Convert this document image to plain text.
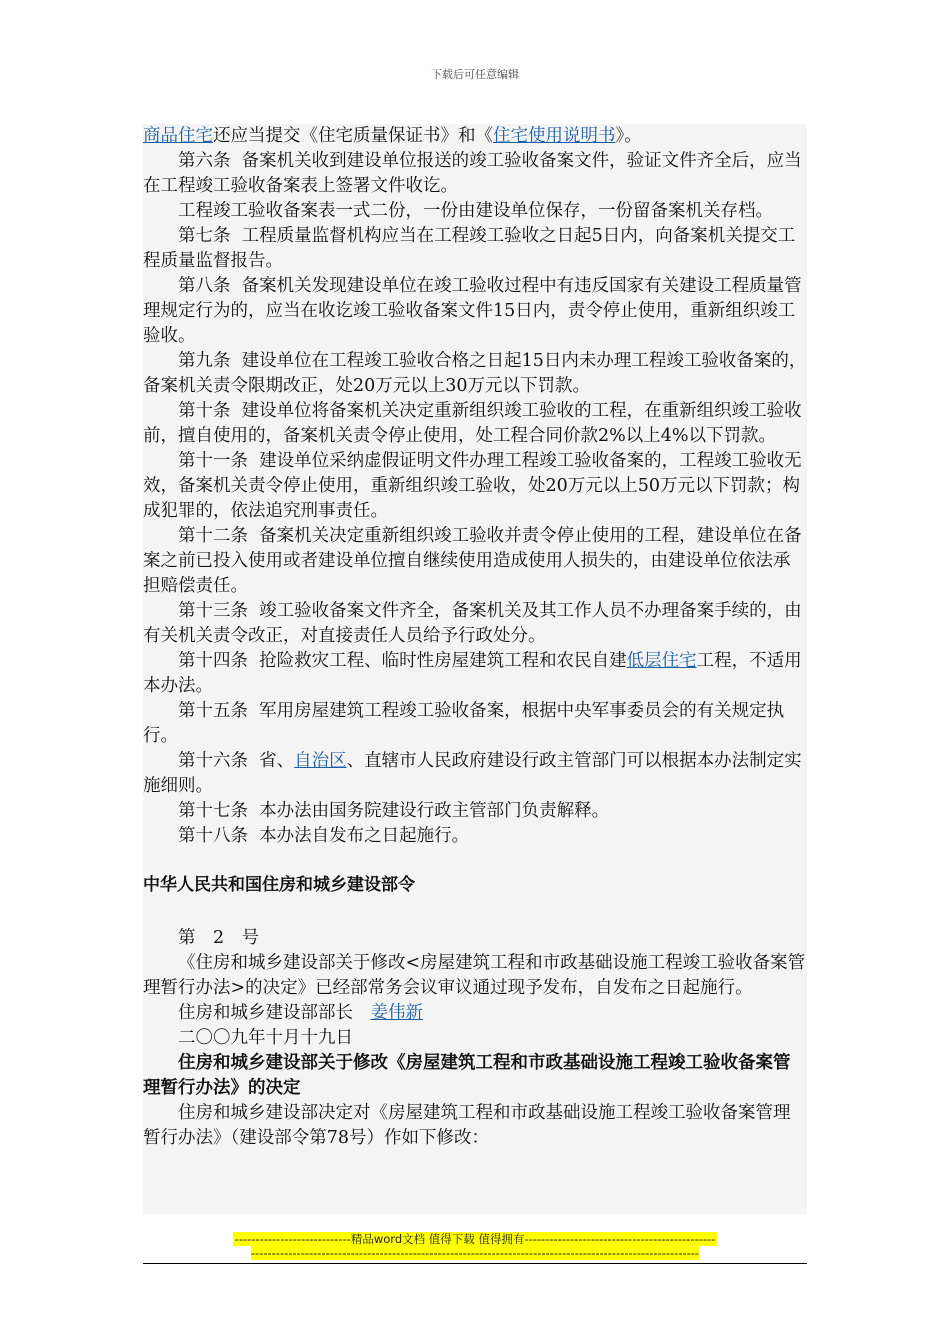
下载后可任意编辑

商品住宅还应当提交《住宅质量保证书》和《住宅使用说明书》。

第六条  备案机关收到建设单位报送的竣工验收备案文件，验证文件齐全后，应当在工程竣工验收备案表上签署文件收讫。

工程竣工验收备案表一式二份，一份由建设单位保存，一份留备案机关存档。

第七条  工程质量监督机构应当在工程竣工验收之日起5日内，向备案机关提交工程质量监督报告。

第八条  备案机关发现建设单位在竣工验收过程中有违反国家有关建设工程质量管理规定行为的，应当在收讫竣工验收备案文件15日内，责令停止使用，重新组织竣工验收。

第九条  建设单位在工程竣工验收合格之日起15日内未办理工程竣工验收备案的，备案机关责令限期改正，处20万元以上30万元以下罚款。

第十条  建设单位将备案机关决定重新组织竣工验收的工程，在重新组织竣工验收前，擅自使用的，备案机关责令停止使用，处工程合同价款2%以上4%以下罚款。

第十一条  建设单位采纳虚假证明文件办理工程竣工验收备案的，工程竣工验收无效，备案机关责令停止使用，重新组织竣工验收，处20万元以上50万元以下罚款；构成犯罪的，依法追究刑事责任。

第十二条  备案机关决定重新组织竣工验收并责令停止使用的工程，建设单位在备案之前已投入使用或者建设单位擅自继续使用造成使用人损失的，由建设单位依法承担赔偿责任。

第十三条  竣工验收备案文件齐全，备案机关及其工作人员不办理备案手续的，由有关机关责令改正，对直接责任人员给予行政处分。

第十四条  抢险救灾工程、临时性房屋建筑工程和农民自建低层住宅工程，不适用本办法。

第十五条  军用房屋建筑工程竣工验收备案，根据中央军事委员会的有关规定执行。

第十六条  省、自治区、直辖市人民政府建设行政主管部门可以根据本办法制定实施细则。

第十七条  本办法由国务院建设行政主管部门负责解释。

第十八条  本办法自发布之日起施行。

中华人民共和国住房和城乡建设部令

第　2　号

《住房和城乡建设部关于修改<房屋建筑工程和市政基础设施工程竣工验收备案管理暂行办法>的决定》已经部常务会议审议通过现予发布，自发布之日起施行。

住房和城乡建设部部长　姜伟新

二〇〇九年十月十九日

住房和城乡建设部关于修改《房屋建筑工程和市政基础设施工程竣工验收备案管理暂行办法》的决定

住房和城乡建设部决定对《房屋建筑工程和市政基础设施工程竣工验收备案管理暂行办法》（建设部令第78号）作如下修改：

----------------------------精品word文档 值得下载 值得拥有----------------------------------------------
------------------------------------------------------------------------------------------------------------
